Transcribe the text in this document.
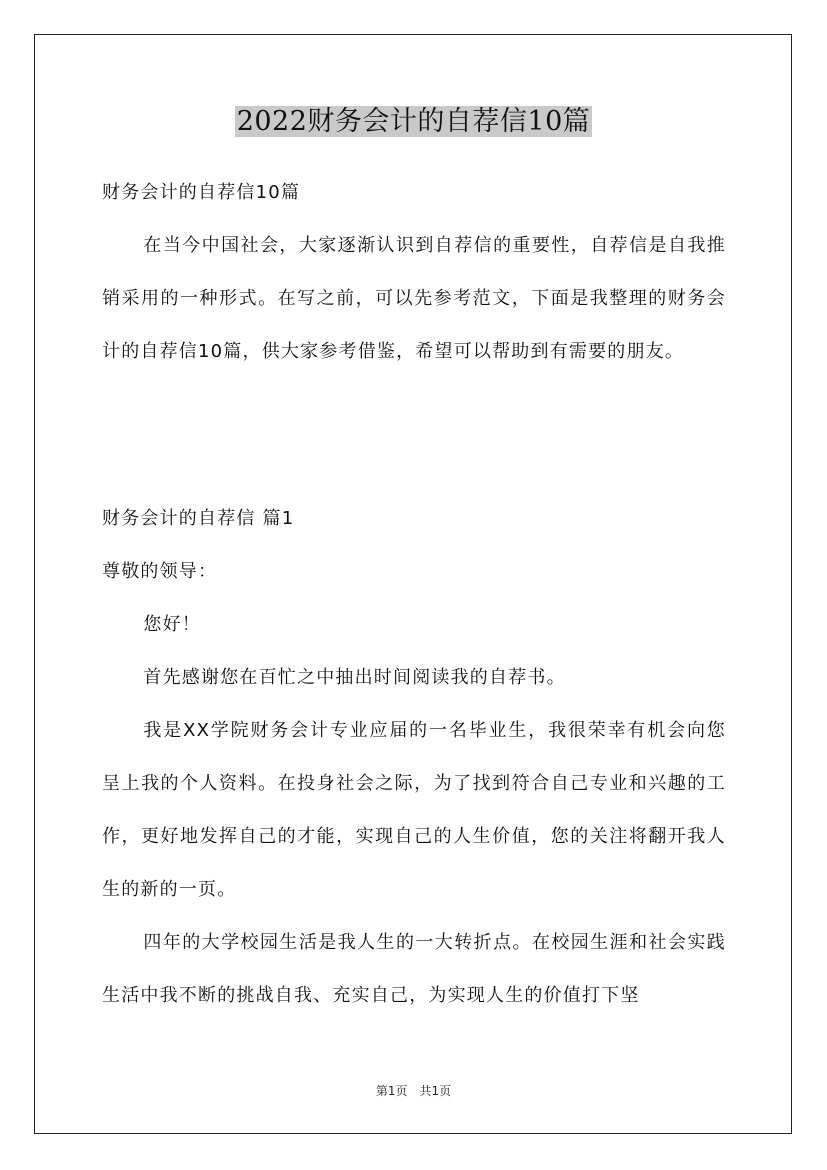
2022财务会计的自荐信10篇

财务会计的自荐信10篇

在当今中国社会，大家逐渐认识到自荐信的重要性，自荐信是自我推销采用的一种形式。在写之前，可以先参考范文，下面是我整理的财务会计的自荐信10篇，供大家参考借鉴，希望可以帮助到有需要的朋友。

财务会计的自荐信 篇1

尊敬的领导：

您好！

首先感谢您在百忙之中抽出时间阅读我的自荐书。

我是XX学院财务会计专业应届的一名毕业生，我很荣幸有机会向您呈上我的个人资料。在投身社会之际，为了找到符合自己专业和兴趣的工作，更好地发挥自己的才能，实现自己的人生价值，您的关注将翻开我人生的新的一页。

四年的大学校园生活是我人生的一大转折点。在校园生涯和社会实践生活中我不断的挑战自我、充实自己，为实现人生的价值打下坚

第1页　共1页
